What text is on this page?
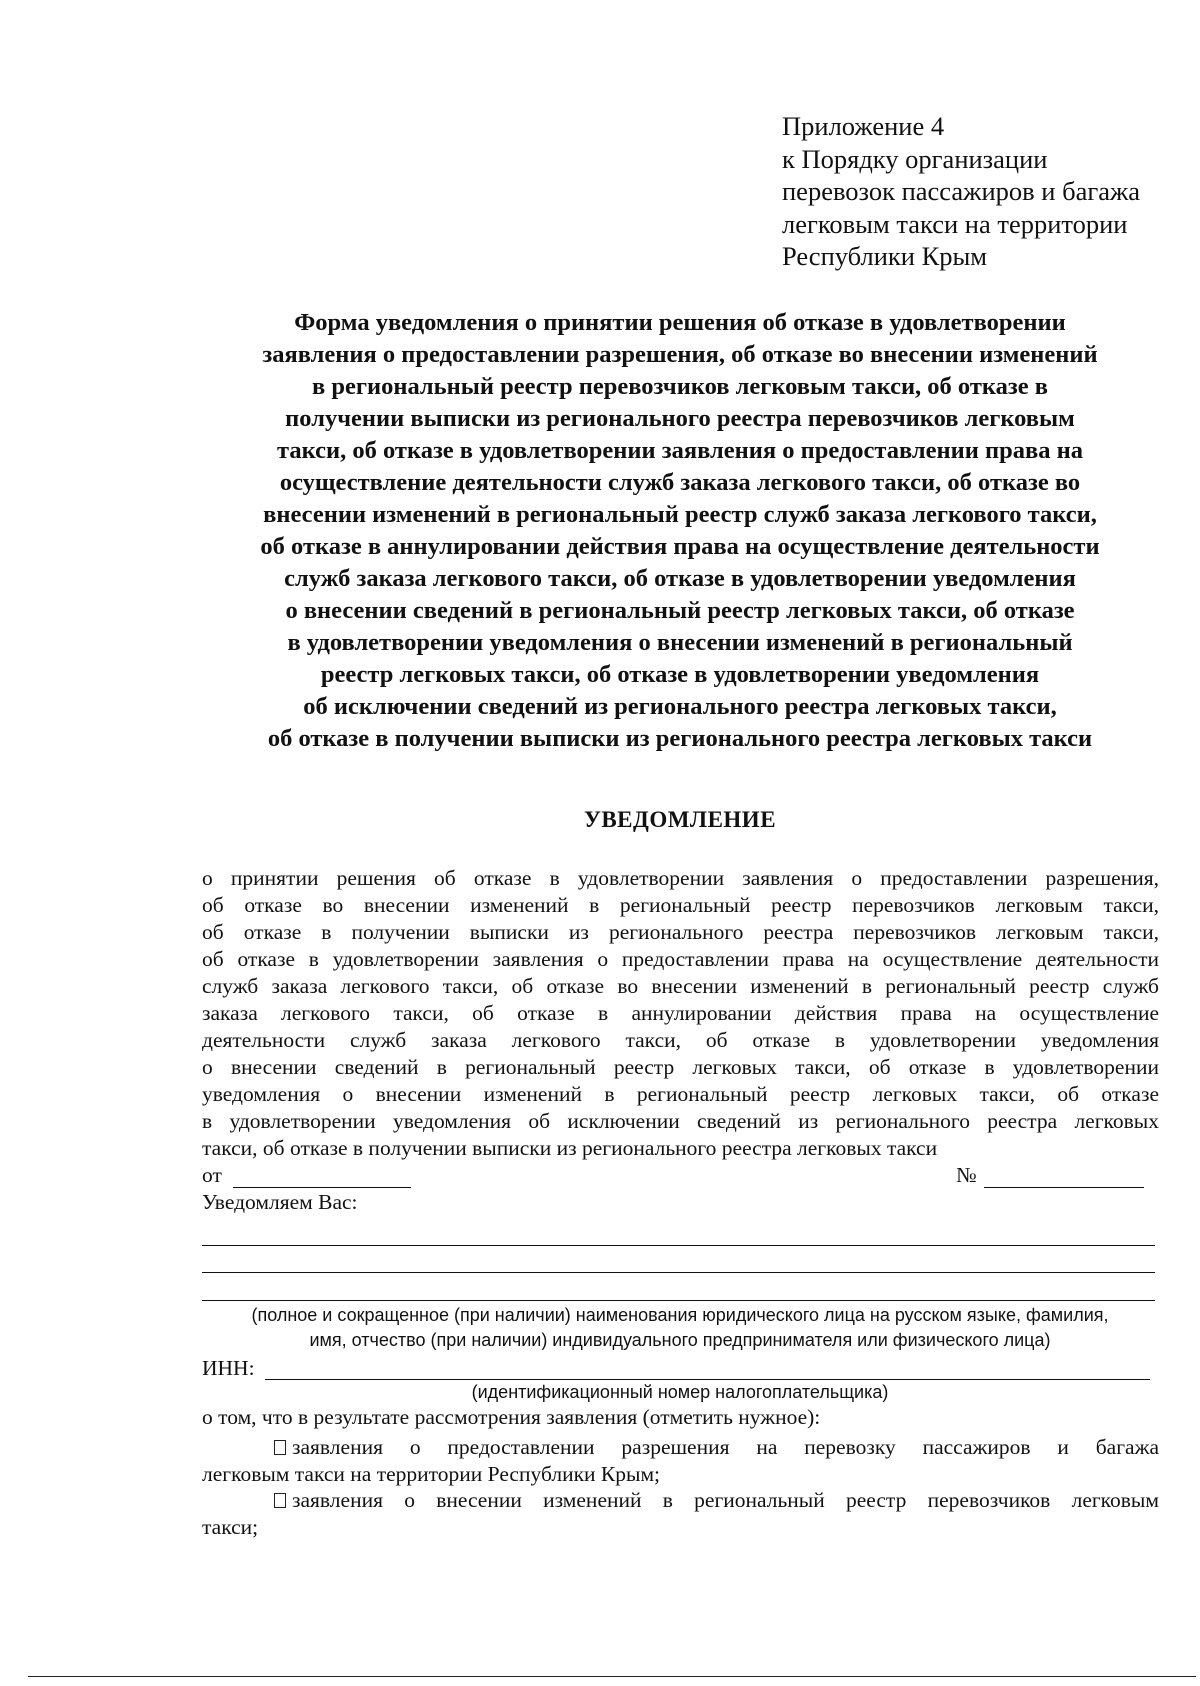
Приложение 4
к Порядку организации
перевозок пассажиров и багажа
легковым такси на территории
Республики Крым
Форма уведомления о принятии решения об отказе в удовлетворении
заявления о предоставлении разрешения, об отказе во внесении изменений
в региональный реестр перевозчиков легковым такси, об отказе в
получении выписки из регионального реестра перевозчиков легковым
такси, об отказе в удовлетворении заявления о предоставлении права на
осуществление деятельности служб заказа легкового такси, об отказе во
внесении изменений в региональный реестр служб заказа легкового такси,
об отказе в аннулировании действия права на осуществление деятельности
служб заказа легкового такси, об отказе в удовлетворении уведомления
о внесении сведений в региональный реестр легковых такси, об отказе
в удовлетворении уведомления о внесении изменений в региональный
реестр легковых такси, об отказе в удовлетворении уведомления
об исключении сведений из регионального реестра легковых такси,
об отказе в получении выписки из регионального реестра легковых такси
УВЕДОМЛЕНИЕ
о принятии решения об отказе в удовлетворении заявления о предоставлении разрешения,
об отказе во внесении изменений в региональный реестр перевозчиков легковым такси,
об отказе в получении выписки из регионального реестра перевозчиков легковым такси,
об отказе в удовлетворении заявления о предоставлении права на осуществление деятельности
служб заказа легкового такси, об отказе во внесении изменений в региональный реестр служб
заказа легкового такси, об отказе в аннулировании действия права на осуществление
деятельности служб заказа легкового такси, об отказе в удовлетворении уведомления
о внесении сведений в региональный реестр легковых такси, об отказе в удовлетворении
уведомления о внесении изменений в региональный реестр легковых такси, об отказе
в удовлетворении уведомления об исключении сведений из регионального реестра легковых
такси, об отказе в получении выписки из регионального реестра легковых такси
от	№
Уведомляем Вас:
(полное и сокращенное (при наличии) наименования юридического лица на русском языке, фамилия,
имя, отчество (при наличии) индивидуального предпринимателя или физического лица)
ИНН:
(идентификационный номер налогоплательщика)
о том, что в результате рассмотрения заявления (отметить нужное):
заявления о предоставлении разрешения на перевозку пассажиров и багажа
легковым такси на территории Республики Крым;
заявления о внесении изменений в региональный реестр перевозчиков легковым
такси;
